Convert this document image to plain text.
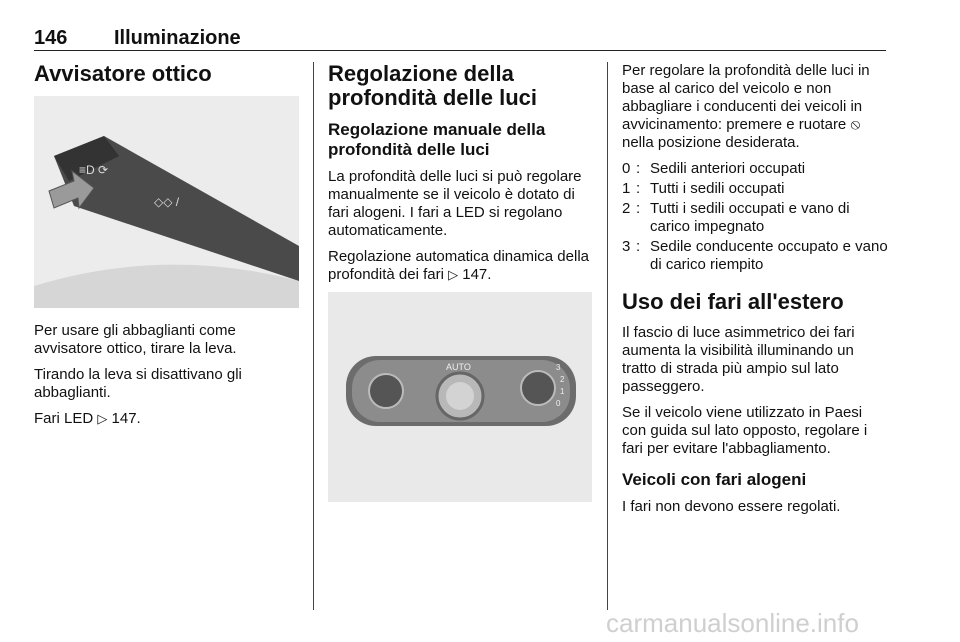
146 Illuminazione
Avvisatore ottico
≡D ⟳
◇◇ /

Per usare gli abbaglianti come avvisatore ottico, tirare la leva.

Tirando la leva si disattivano gli abbaglianti.

Fari LED ▷ 147.

Regolazione della profondità delle luci
Regolazione manuale della profondità delle luci

La profondità delle luci si può regolare manualmente se il veicolo è dotato di fari alogeni. I fari a LED si regolano automaticamente.

Regolazione automatica dinamica della profondità dei fari ▷ 147.

AUTO	3
2
1
0

Per regolare la profondità delle luci in base al carico del veicolo e non abbagliare i conducenti dei veicoli in avvicinamento: premere e ruotare ⦸ nella posizione desiderata.

0 : Sedili anteriori occupati
1 : Tutti i sedili occupati
2 : Tutti i sedili occupati e vano di carico impegnato
3 : Sedile conducente occupato e vano di carico riempito
Uso dei fari all'estero

Il fascio di luce asimmetrico dei fari aumenta la visibilità illuminando un tratto di strada più ampio sul lato passeggero.

Se il veicolo viene utilizzato in Paesi con guida sul lato opposto, regolare i fari per evitare l'abbagliamento.

Veicoli con fari alogeni

I fari non devono essere regolati.

carmanualsonline.info
